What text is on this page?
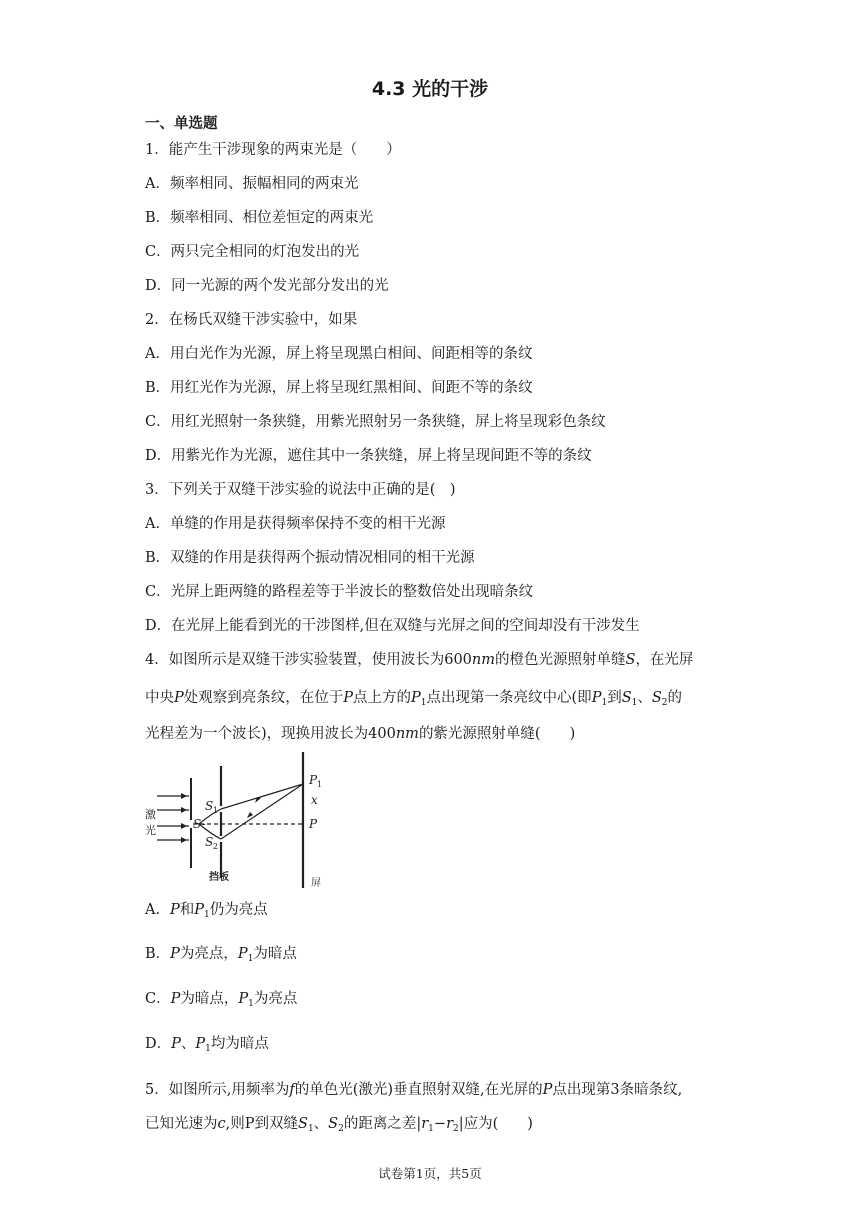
4.3 光的干涉
一、单选题
1．能产生干涉现象的两束光是（　　）
A．频率相同、振幅相同的两束光
B．频率相同、相位差恒定的两束光
C．两只完全相同的灯泡发出的光
D．同一光源的两个发光部分发出的光
2．在杨氏双缝干涉实验中，如果
A．用白光作为光源，屏上将呈现黑白相间、间距相等的条纹
B．用红光作为光源，屏上将呈现红黑相间、间距不等的条纹
C．用红光照射一条狭缝，用紫光照射另一条狭缝，屏上将呈现彩色条纹
D．用紫光作为光源，遮住其中一条狭缝，屏上将呈现间距不等的条纹
3．下列关于双缝干涉实验的说法中正确的是(　)
A．单缝的作用是获得频率保持不变的相干光源
B．双缝的作用是获得两个振动情况相同的相干光源
C．光屏上距两缝的路程差等于半波长的整数倍处出现暗条纹
D．在光屏上能看到光的干涉图样,但在双缝与光屏之间的空间却没有干涉发生
4．如图所示是双缝干涉实验装置，使用波长为600nm的橙色光源照射单缝S，在光屏
中央P处观察到亮条纹，在位于P点上方的$P_1$点出现第一条亮纹中心(即$P_1$到$S_1$、$S_2$的
光程差为一个波长)，现换用波长为400nm的紫光源照射单缝(　　)
激
光	S-
S 1
S 2
P 1
x
P
挡板
屏
A．P和$P_1$仍为亮点
B．P为亮点，$P_1$为暗点
C．P为暗点，$P_1$为亮点
D．P、$P_1$均为暗点
5．如图所示,用频率为f的单色光(激光)垂直照射双缝,在光屏的P点出现第3条暗条纹,
已知光速为c,则P到双缝$S_1$、$S_2$的距离之差$|r_1-r_2|$应为(　　)
试卷第1页，共5页
